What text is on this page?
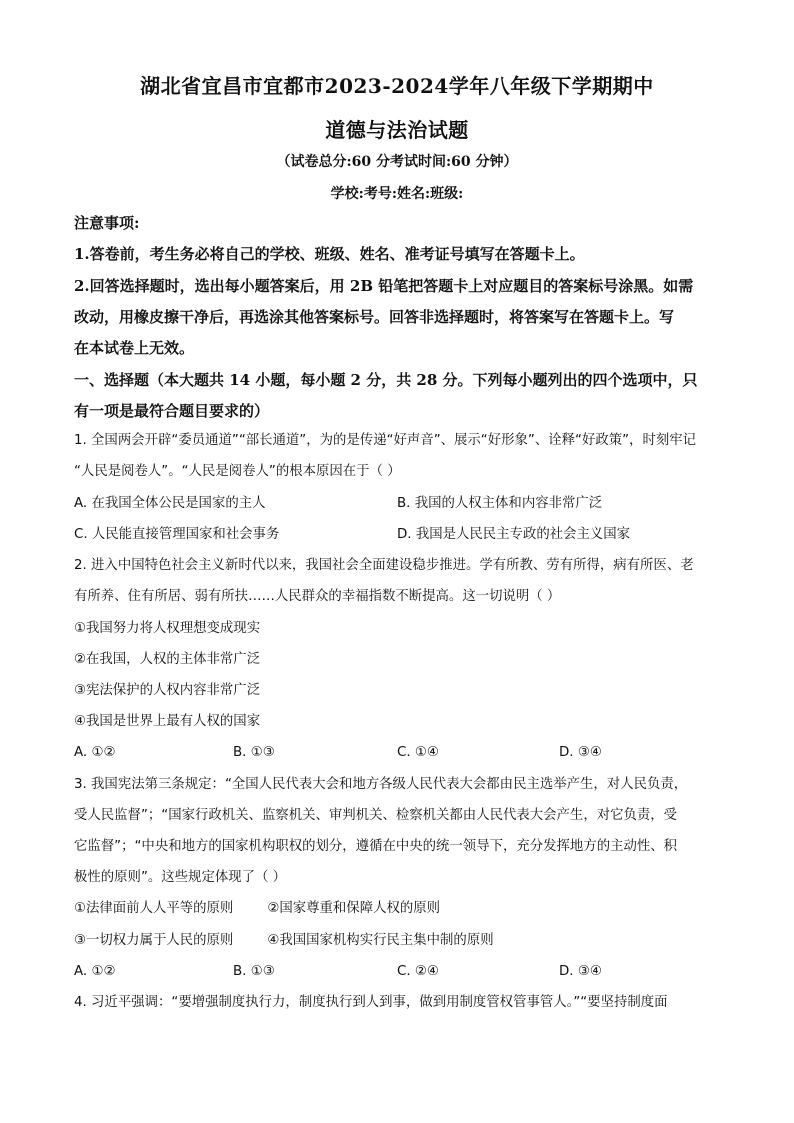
湖北省宜昌市宜都市2023-2024学年八年级下学期期中
道德与法治试题
（试卷总分:60 分考试时间:60 分钟）
学校:考号:姓名:班级:
注意事项:
1.答卷前，考生务必将自己的学校、班级、姓名、准考证号填写在答题卡上。
2.回答选择题时，选出每小题答案后，用 2B 铅笔把答题卡上对应题目的答案标号涂黑。如需
改动，用橡皮擦干净后，再选涂其他答案标号。回答非选择题时，将答案写在答题卡上。写
在本试卷上无效。
一、选择题（本大题共 14 小题，每小题 2 分，共 28 分。下列每小题列出的四个选项中，只
有一项是最符合题目要求的）
1. 全国两会开辟“委员通道”“部长通道”，为的是传递“好声音”、展示“好形象”、诠释“好政策”，时刻牢记
“人民是阅卷人”。“人民是阅卷人”的根本原因在于（ ）
A. 在我国全体公民是国家的主人	B. 我国的人权主体和内容非常广泛
C. 人民能直接管理国家和社会事务	D. 我国是人民民主专政的社会主义国家
2. 进入中国特色社会主义新时代以来，我国社会全面建设稳步推进。学有所教、劳有所得，病有所医、老
有所养、住有所居、弱有所扶……人民群众的幸福指数不断提高。这一切说明（ ）
①我国努力将人权理想变成现实
②在我国，人权的主体非常广泛
③宪法保护的人权内容非常广泛
④我国是世界上最有人权的国家
A. ①②	B. ①③	C. ①④	D. ③④
3. 我国宪法第三条规定：“全国人民代表大会和地方各级人民代表大会都由民主选举产生，对人民负责，
受人民监督”；“国家行政机关、监察机关、审判机关、检察机关都由人民代表大会产生，对它负责，受
它监督”；“中央和地方的国家机构职权的划分，遵循在中央的统一领导下，充分发挥地方的主动性、积
极性的原则”。这些规定体现了（ ）
①法律面前人人平等的原则        ②国家尊重和保障人权的原则
③一切权力属于人民的原则        ④我国国家机构实行民主集中制的原则
A. ①②	B. ①③	C. ②④	D. ③④
4. 习近平强调：“要增强制度执行力，制度执行到人到事，做到用制度管权管事管人。”“要坚持制度面
